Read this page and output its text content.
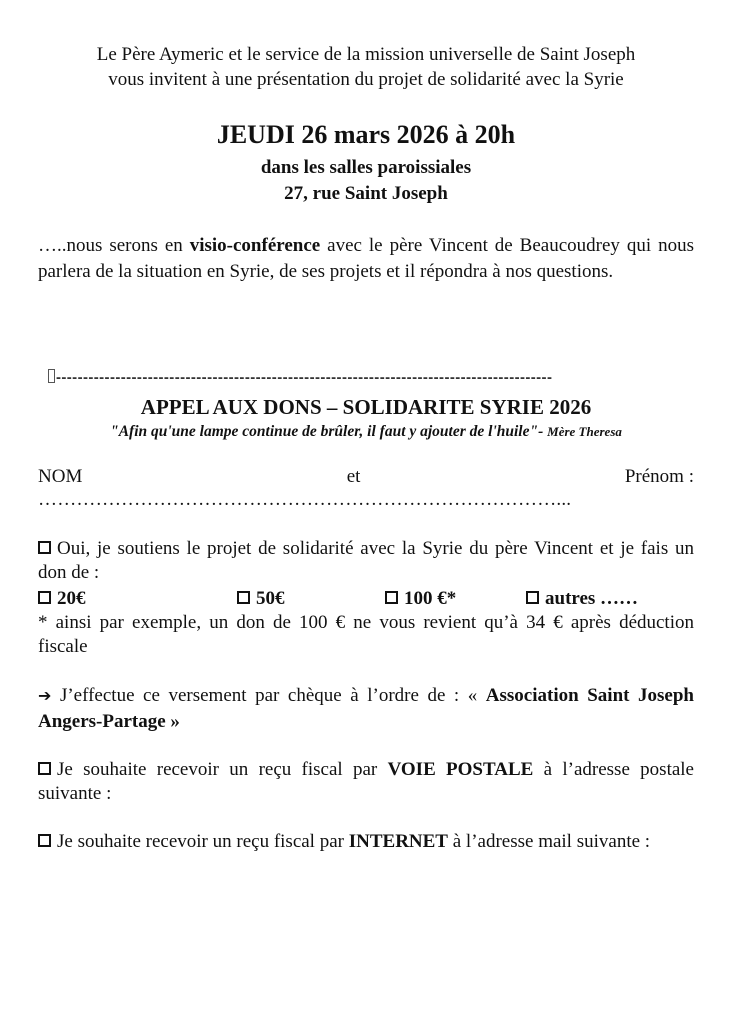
Le Père Aymeric et le service de la mission universelle de Saint Joseph
vous invitent à une présentation du projet de solidarité avec la Syrie
JEUDI 26 mars 2026 à 20h
dans les salles paroissiales
27, rue Saint Joseph
…..nous serons en visio-conférence avec le père Vincent de Beaucoudrey qui nous parlera de la situation en Syrie, de ses projets et il répondra à nos questions.
--------------------------------------------------------------------------------------------
APPEL AUX DONS – SOLIDARITE SYRIE 2026
"Afin qu'une lampe continue de brûler, il faut y ajouter de l'huile"- Mère Theresa
NOM	et	Prénom :
………………………………………………………………………...
Oui, je soutiens le projet de solidarité avec la Syrie du père Vincent et je fais un don de :
20€	50€	100 €*	autres ……
* ainsi par exemple, un don de 100 € ne vous revient qu’à 34 € après déduction fiscale
➔ J’effectue ce versement par chèque à l’ordre de : « Association Saint Joseph Angers-Partage »
Je souhaite recevoir un reçu fiscal par VOIE POSTALE à l’adresse postale suivante :
Je souhaite recevoir un reçu fiscal par INTERNET à l’adresse mail suivante :
